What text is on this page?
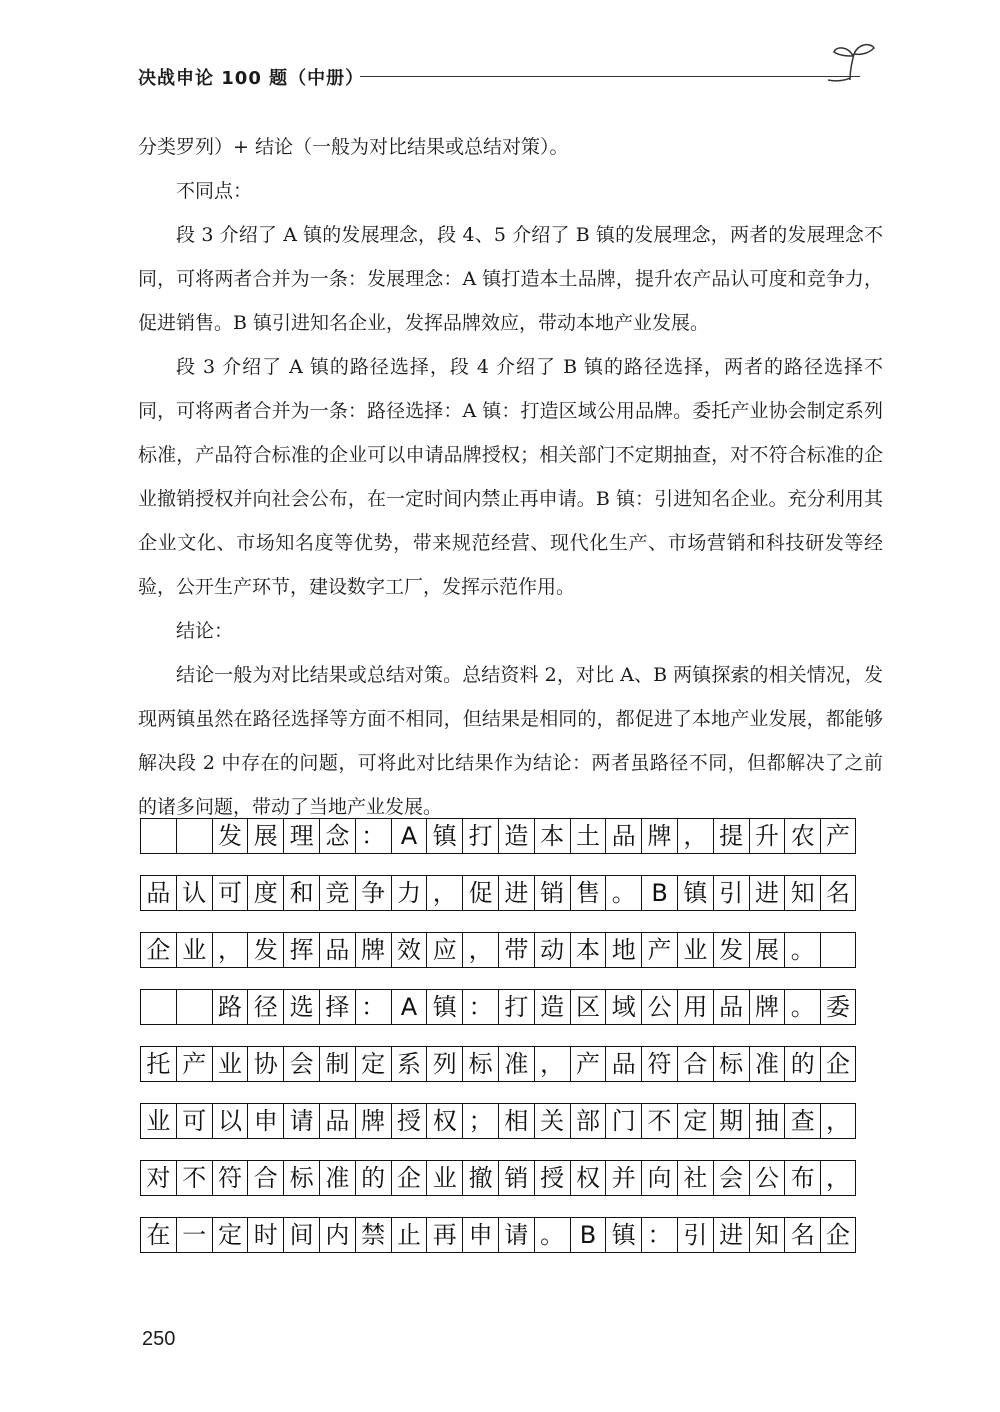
决战申论 100 题（中册）

分类罗列）+ 结论（一般为对比结果或总结对策）。

不同点：

段 3 介绍了 A 镇的发展理念，段 4、5 介绍了 B 镇的发展理念，两者的发展理念不同，可将两者合并为一条：发展理念：A 镇打造本土品牌，提升农产品认可度和竞争力，促进销售。B 镇引进知名企业，发挥品牌效应，带动本地产业发展。

段 3 介绍了 A 镇的路径选择，段 4 介绍了 B 镇的路径选择，两者的路径选择不同，可将两者合并为一条：路径选择：A 镇：打造区域公用品牌。委托产业协会制定系列标准，产品符合标准的企业可以申请品牌授权；相关部门不定期抽查，对不符合标准的企业撤销授权并向社会公布，在一定时间内禁止再申请。B 镇：引进知名企业。充分利用其企业文化、市场知名度等优势，带来规范经营、现代化生产、市场营销和科技研发等经验，公开生产环节，建设数字工厂，发挥示范作用。

结论：

结论一般为对比结果或总结对策。总结资料 2，对比 A、B 两镇探索的相关情况，发现两镇虽然在路径选择等方面不相同，但结果是相同的，都促进了本地产业发展，都能够解决段 2 中存在的问题，可将此对比结果作为结论：两者虽路径不同，但都解决了之前的诸多问题，带动了当地产业发展。

发 展 理 念 ： A 镇 打 造 本 土 品 牌 ， 提 升 农 产
品 认 可 度 和 竞 争 力 ， 促 进 销 售 。 B 镇 引 进 知 名
企 业 ， 发 挥 品 牌 效 应 ， 带 动 本 地 产 业 发 展 。
路 径 选 择 ： A 镇 ： 打 造 区 域 公 用 品 牌 。 委
托 产 业 协 会 制 定 系 列 标 准 ， 产 品 符 合 标 准 的 企
业 可 以 申 请 品 牌 授 权 ； 相 关 部 门 不 定 期 抽 查 ，
对 不 符 合 标 准 的 企 业 撤 销 授 权 并 向 社 会 公 布 ，
在 一 定 时 间 内 禁 止 再 申 请 。 B 镇 ： 引 进 知 名 企
250
